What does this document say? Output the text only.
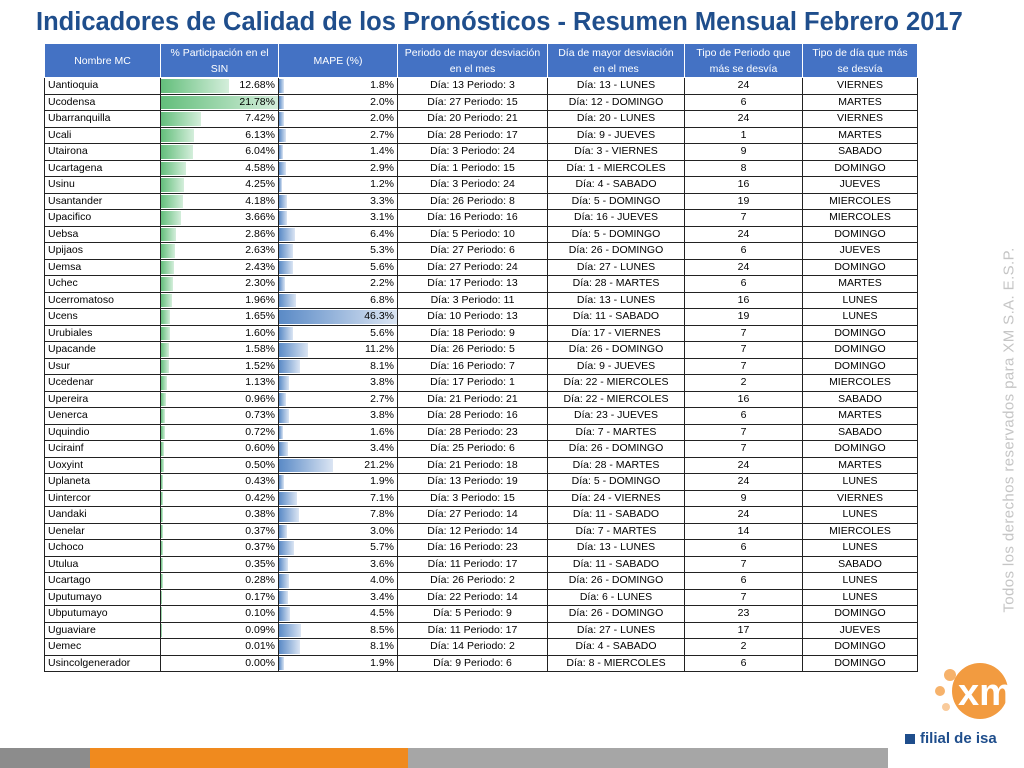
Indicadores de Calidad de los Pronósticos - Resumen Mensual Febrero 2017
Nombre MC	% Participación en el SIN	MAPE (%)	Periodo de mayor desviación en el mes	Día de mayor desviación en el mes	Tipo de Periodo que más se desvía	Tipo de día que más se desvía
Uantioquia	12.68%	1.8%	Día: 13 Periodo: 3	Día: 13 - LUNES	24	VIERNES
Ucodensa	21.78%	2.0%	Día: 27 Periodo: 15	Día: 12 - DOMINGO	6	MARTES
Ubarranquilla	7.42%	2.0%	Día: 20 Periodo: 21	Día: 20 - LUNES	24	VIERNES
Ucali	6.13%	2.7%	Día: 28 Periodo: 17	Día: 9 - JUEVES	1	MARTES
Utairona	6.04%	1.4%	Día: 3 Periodo: 24	Día: 3 - VIERNES	9	SABADO
Ucartagena	4.58%	2.9%	Día: 1 Periodo: 15	Día: 1 - MIERCOLES	8	DOMINGO
Usinu	4.25%	1.2%	Día: 3 Periodo: 24	Día: 4 - SABADO	16	JUEVES
Usantander	4.18%	3.3%	Día: 26 Periodo: 8	Día: 5 - DOMINGO	19	MIERCOLES
Upacifico	3.66%	3.1%	Día: 16 Periodo: 16	Día: 16 - JUEVES	7	MIERCOLES
Uebsa	2.86%	6.4%	Día: 5 Periodo: 10	Día: 5 - DOMINGO	24	DOMINGO
Upijaos	2.63%	5.3%	Día: 27 Periodo: 6	Día: 26 - DOMINGO	6	JUEVES
Uemsa	2.43%	5.6%	Día: 27 Periodo: 24	Día: 27 - LUNES	24	DOMINGO
Uchec	2.30%	2.2%	Día: 17 Periodo: 13	Día: 28 - MARTES	6	MARTES
Ucerromatoso	1.96%	6.8%	Día: 3 Periodo: 11	Día: 13 - LUNES	16	LUNES
Ucens	1.65%	46.3%	Día: 10 Periodo: 13	Día: 11 - SABADO	19	LUNES
Urubiales	1.60%	5.6%	Día: 18 Periodo: 9	Día: 17 - VIERNES	7	DOMINGO
Upacande	1.58%	11.2%	Día: 26 Periodo: 5	Día: 26 - DOMINGO	7	DOMINGO
Usur	1.52%	8.1%	Día: 16 Periodo: 7	Día: 9 - JUEVES	7	DOMINGO
Ucedenar	1.13%	3.8%	Día: 17 Periodo: 1	Día: 22 - MIERCOLES	2	MIERCOLES
Upereira	0.96%	2.7%	Día: 21 Periodo: 21	Día: 22 - MIERCOLES	16	SABADO
Uenerca	0.73%	3.8%	Día: 28 Periodo: 16	Día: 23 - JUEVES	6	MARTES
Uquindio	0.72%	1.6%	Día: 28 Periodo: 23	Día: 7 - MARTES	7	SABADO
Ucirainf	0.60%	3.4%	Día: 25 Periodo: 6	Día: 26 - DOMINGO	7	DOMINGO
Uoxyint	0.50%	21.2%	Día: 21 Periodo: 18	Día: 28 - MARTES	24	MARTES
Uplaneta	0.43%	1.9%	Día: 13 Periodo: 19	Día: 5 - DOMINGO	24	LUNES
Uintercor	0.42%	7.1%	Día: 3 Periodo: 15	Día: 24 - VIERNES	9	VIERNES
Uandaki	0.38%	7.8%	Día: 27 Periodo: 14	Día: 11 - SABADO	24	LUNES
Uenelar	0.37%	3.0%	Día: 12 Periodo: 14	Día: 7 - MARTES	14	MIERCOLES
Uchoco	0.37%	5.7%	Día: 16 Periodo: 23	Día: 13 - LUNES	6	LUNES
Utulua	0.35%	3.6%	Día: 11 Periodo: 17	Día: 11 - SABADO	7	SABADO
Ucartago	0.28%	4.0%	Día: 26 Periodo: 2	Día: 26 - DOMINGO	6	LUNES
Uputumayo	0.17%	3.4%	Día: 22 Periodo: 14	Día: 6 - LUNES	7	LUNES
Ubputumayo	0.10%	4.5%	Día: 5 Periodo: 9	Día: 26 - DOMINGO	23	DOMINGO
Uguaviare	0.09%	8.5%	Día: 11 Periodo: 17	Día: 27 - LUNES	17	JUEVES
Uemec	0.01%	8.1%	Día: 14 Periodo: 2	Día: 4 - SABADO	2	DOMINGO
Usincolgenerador	0.00%	1.9%	Día: 9 Periodo: 6	Día: 8 - MIERCOLES	6	DOMINGO
Todos los derechos reservados para XM S.A. E.S.P.
xm
filial de isa
